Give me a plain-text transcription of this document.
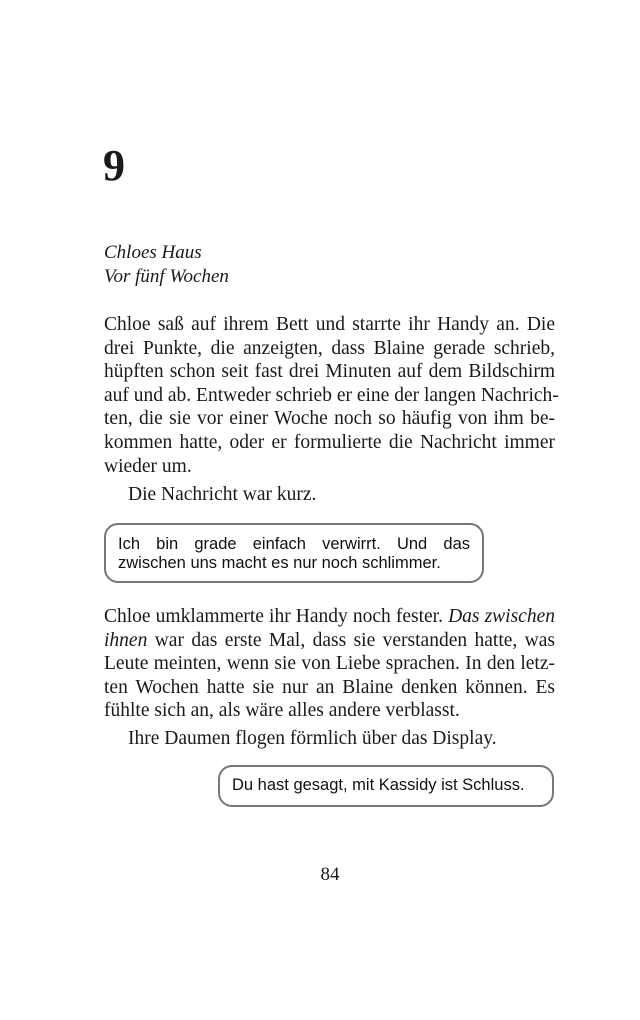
9
Chloes Haus
Vor fünf Wochen
Chloe saß auf ihrem Bett und starrte ihr Handy an. Die
drei Punkte, die anzeigten, dass Blaine gerade schrieb,
hüpften schon seit fast drei Minuten auf dem Bildschirm
auf und ab. Entweder schrieb er eine der langen Nachrich-
ten, die sie vor einer Woche noch so häufig von ihm be-
kommen hatte, oder er formulierte die Nachricht immer
wieder um.
Die Nachricht war kurz.
Ich bin grade einfach verwirrt. Und das
zwischen uns macht es nur noch schlimmer.
Chloe umklammerte ihr Handy noch fester. Das zwischen
ihnen war das erste Mal, dass sie verstanden hatte, was
Leute meinten, wenn sie von Liebe sprachen. In den letz-
ten Wochen hatte sie nur an Blaine denken können. Es
fühlte sich an, als wäre alles andere verblasst.
Ihre Daumen flogen förmlich über das Display.
Du hast gesagt, mit Kassidy ist Schluss.
84
